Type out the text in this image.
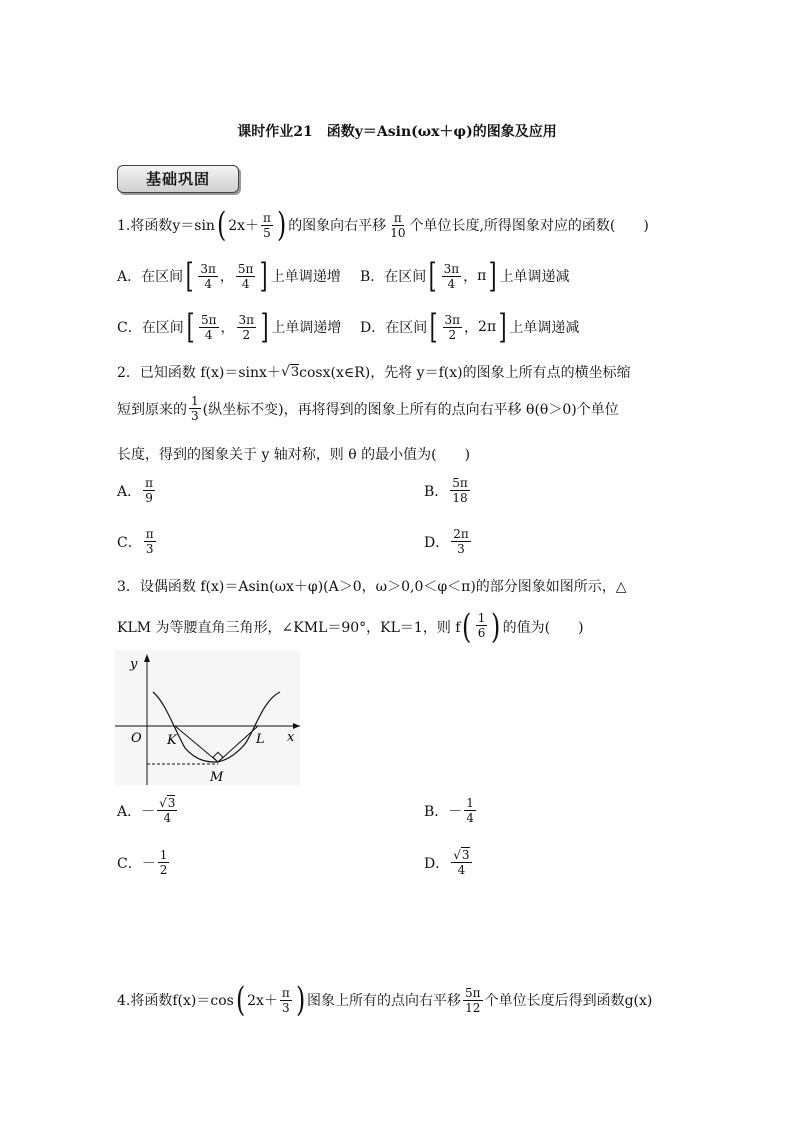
课时作业21　函数y＝Asin(ωx＋φ)的图象及应用
基础巩固
1.将函数y＝sin ( $2x+ \frac{\pi}{5}$ ) 的图象向右平移 $\frac{\pi}{10}$ 个单位长度,所得图象对应的函数(　　)
A．在区间 [ $\frac{3\pi}{4}$ ， $\frac{5\pi}{4}$ ] 上单调递增 B．在区间 [ $\frac{3\pi}{4}$ ， π ] 上单调递减
C．在区间 [ $\frac{5\pi}{4}$ ， $\frac{3\pi}{2}$ ] 上单调递增 D．在区间 [ $\frac{3\pi}{2}$ ， 2π ] 上单调递减
2．已知函数 f(x)＝sinx＋ √ 3 cosx(x∈R)，先将 y＝f(x)的图象上所有点的横坐标缩
短到原来的 $\frac{1}{3}$ (纵坐标不变)，再将得到的图象上所有的点向右平移 θ(θ＞0)个单位
长度，得到的图象关于 y 轴对称，则 θ 的最小值为(　　)
A． $\frac{\pi}{9}$	B． $\frac{5\pi}{18}$
C． $\frac{\pi}{3}$	D． $\frac{2\pi}{3}$
3．设偶函数 f(x)＝Asin(ωx＋φ)(A＞0，ω＞0,0＜φ＜π)的部分图象如图所示，△
KLM 为等腰直角三角形，∠KML＝90°，KL＝1，则 f ( $\frac{1}{6}$ ) 的值为(　　)
y
x
O K	L
M
A． － $\frac{√3}{4}$	B． － $\frac{1}{4}$
C． － $\frac{1}{2}$	D． $\frac{√3}{4}$
4.将函数f(x)＝cos ( $2x+ \frac{\pi}{3}$ ) 图象上所有的点向右平移 $\frac{5\pi}{12}$ 个单位长度后得到函数g(x)
